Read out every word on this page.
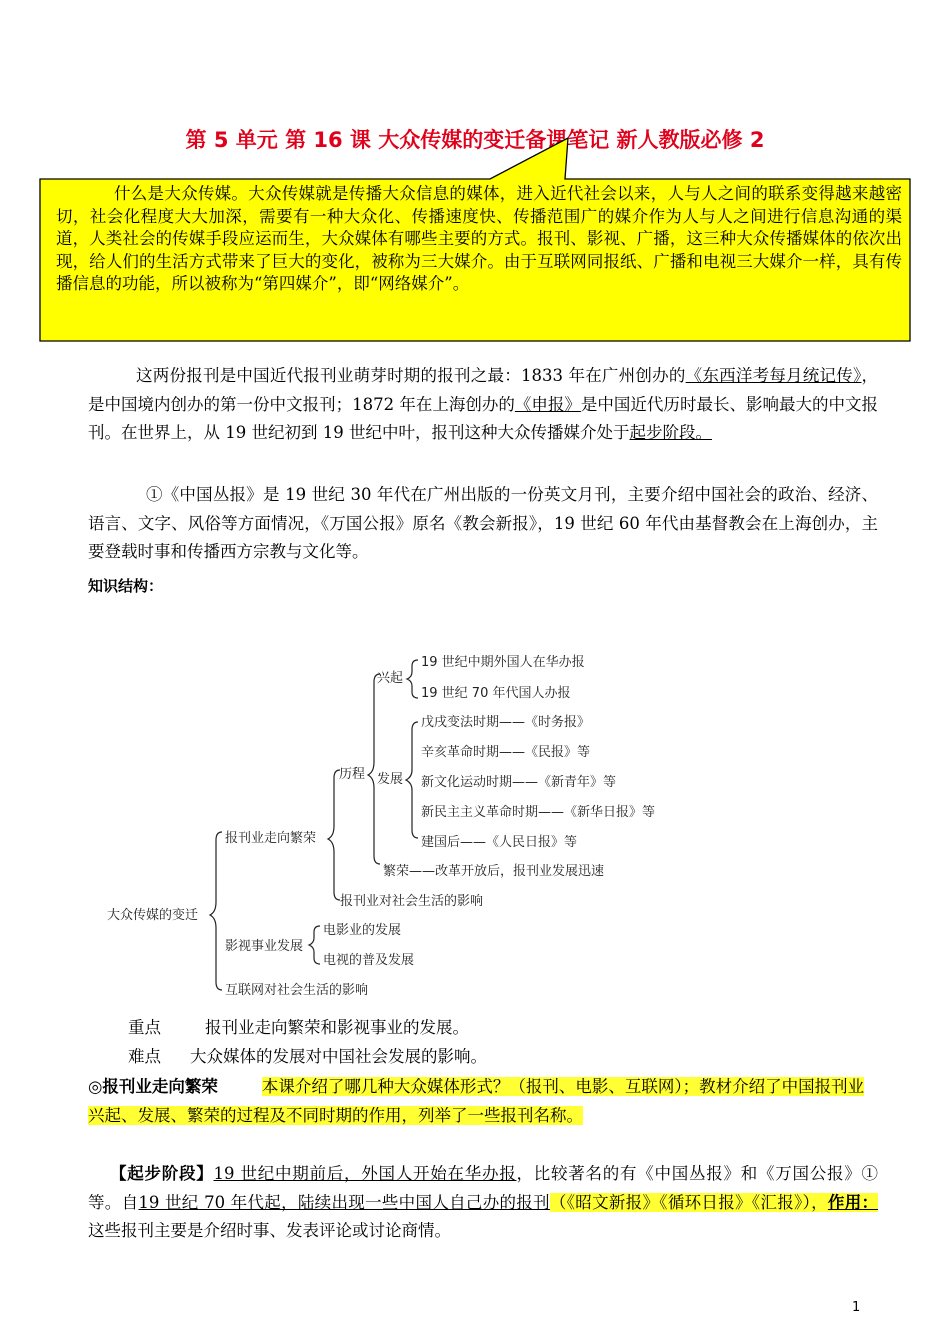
第 5 单元 第 16 课 大众传媒的变迁备课笔记 新人教版必修 2
什么是大众传媒。大众传媒就是传播大众信息的媒体，进入近代社会以来，人与人之间的联系变得越来越密切，社会化程度大大加深，需要有一种大众化、传播速度快、传播范围广的媒介作为人与人之间进行信息沟通的渠道，人类社会的传媒手段应运而生，大众媒体有哪些主要的方式。报刊、影视、广播，这三种大众传播媒体的依次出现，给人们的生活方式带来了巨大的变化，被称为三大媒介。由于互联网同报纸、广播和电视三大媒介一样，具有传播信息的功能，所以被称为“第四媒介”，即“网络媒介”。
这两份报刊是中国近代报刊业萌芽时期的报刊之最：1833 年在广州创办的《东西洋考每月统记传》，是中国境内创办的第一份中文报刊；1872 年在上海创办的《申报》是中国近代历时最长、影响最大的中文报刊。在世界上，从 19 世纪初到 19 世纪中叶，报刊这种大众传播媒介处于起步阶段。
①《中国丛报》是 19 世纪 30 年代在广州出版的一份英文月刊，主要介绍中国社会的政治、经济、语言、文字、风俗等方面情况，《万国公报》原名《教会新报》，19 世纪 60 年代由基督教会在上海创办，主要登载时事和传播西方宗教与文化等。
知识结构：
大众传媒的变迁
报刊业走向繁荣
历程
兴起
19 世纪中期外国人在华办报
19 世纪 70 年代国人办报
发展
戊戌变法时期——《时务报》
辛亥革命时期——《民报》等
新文化运动时期——《新青年》等
新民主主义革命时期——《新华日报》等
建国后——《人民日报》等
繁荣——改革开放后，报刊业发展迅速
报刊业对社会生活的影响
影视事业发展
电影业的发展
电视的普及发展
互联网对社会生活的影响
重点	报刊业走向繁荣和影视事业的发展。
难点 大众媒体的发展对中国社会发展的影响。
◎报刊业走向繁荣	本课介绍了哪几种大众媒体形式？（报刊、电影、互联网）；教材介绍了中国报刊业兴起、发展、繁荣的过程及不同时期的作用，列举了一些报刊名称。
【起步阶段】19 世纪中期前后，外国人开始在华办报，比较著名的有《中国丛报》和《万国公报》①等。自19 世纪 70 年代起，陆续出现一些中国人自己办的报刊（《昭文新报》《循环日报》《汇报》），作用：这些报刊主要是介绍时事、发表评论或讨论商情。
1
